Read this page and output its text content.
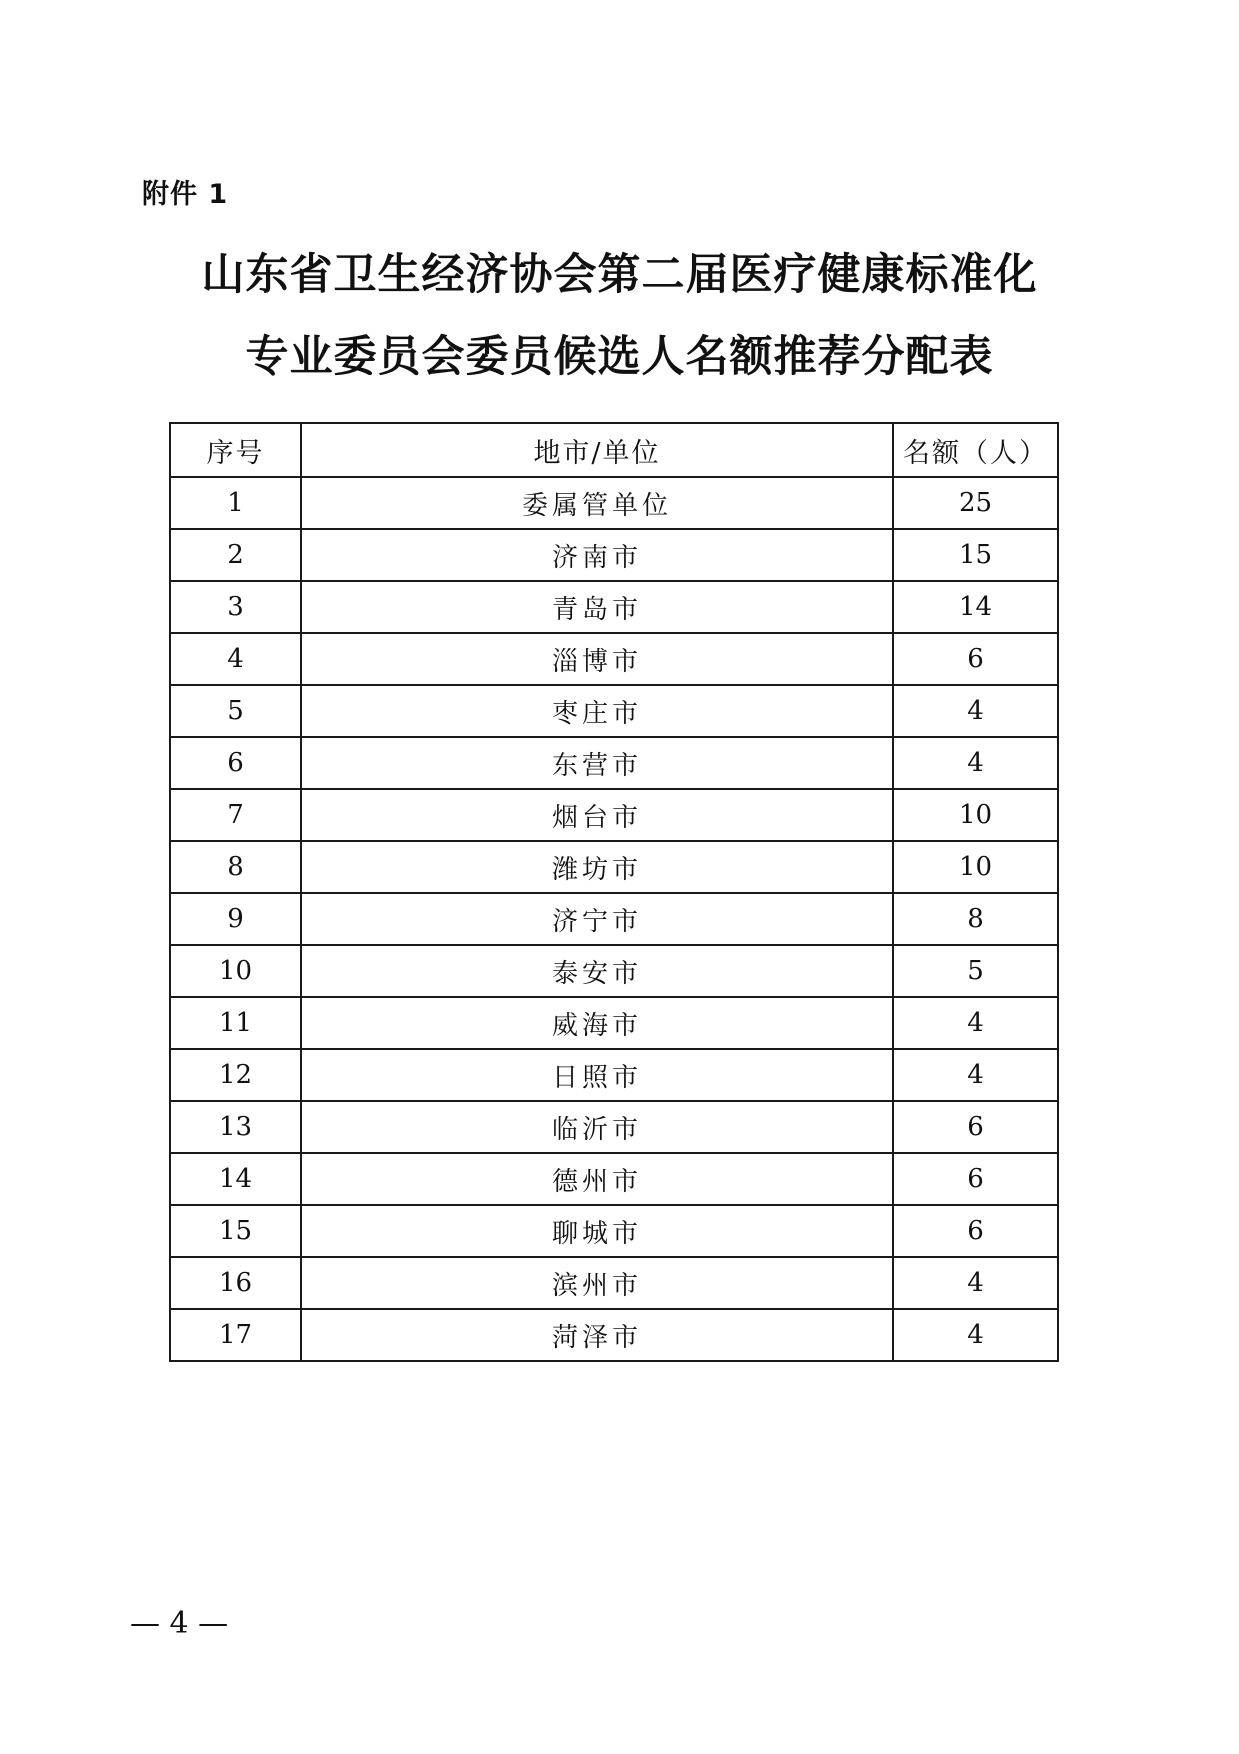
附件 1
山东省卫生经济协会第二届医疗健康标准化
专业委员会委员候选人名额推荐分配表
序号	地市/单位	名额（人）
1	委属管单位	25
2	济南市	15
3	青岛市	14
4	淄博市	6
5	枣庄市	4
6	东营市	4
7	烟台市	10
8	潍坊市	10
9	济宁市	8
10	泰安市	5
11	威海市	4
12	日照市	4
13	临沂市	6
14	德州市	6
15	聊城市	6
16	滨州市	4
17	菏泽市	4
— 4 —
